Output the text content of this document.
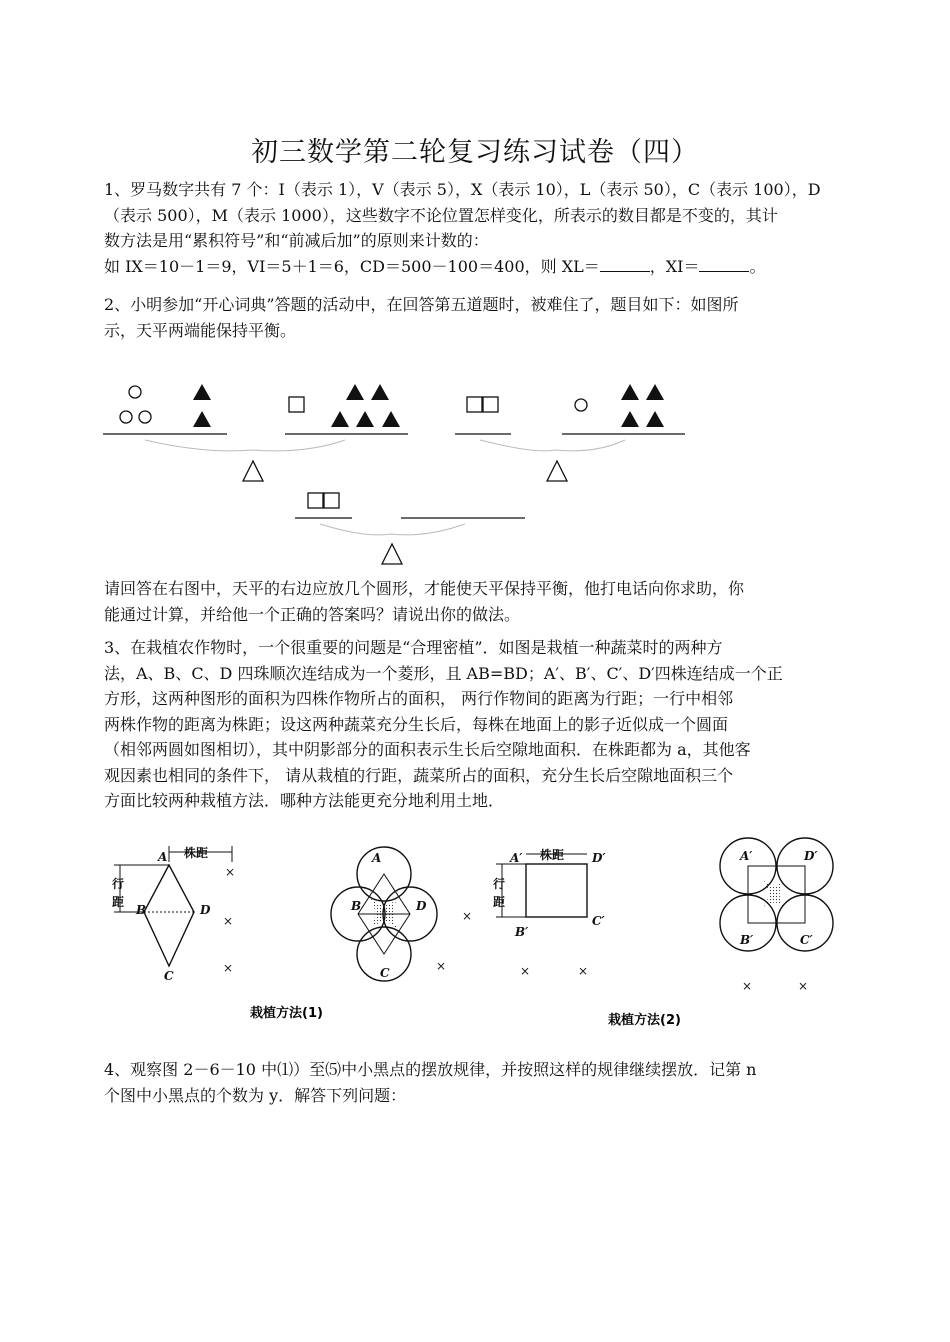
初三数学第二轮复习练习试卷（四）

1、罗马数字共有 7 个：I（表示 1），V（表示 5），X（表示 10），L（表示 50），C（表示 100），D
（表示 500），M（表示 1000），这些数字不论位置怎样变化，所表示的数目都是不变的，其计
数方法是用“累积符号”和“前减后加”的原则来计数的：
如 IX＝10－1＝9，VI＝5＋1＝6，CD＝500－100＝400，则 XL＝	，XI＝	。

2、小明参加“开心词典”答题的活动中，在回答第五道题时，被难住了，题目如下：如图所
示，天平两端能保持平衡。

请回答在右图中，天平的右边应放几个圆形，才能使天平保持平衡，他打电话向你求助，你
能通过计算，并给他一个正确的答案吗？请说出你的做法。

3、在栽植农作物时，一个很重要的问题是“合理密植”．如图是栽植一种蔬菜时的两种方
法，A、B、C、D 四珠顺次连结成为一个菱形，且 AB=BD；A′、B′、C′、D′四株连结成一个正
方形，这两种图形的面积为四株作物所占的面积， 两行作物间的距离为行距；一行中相邻
两株作物的距离为株距；设这两种蔬菜充分生长后，每株在地面上的影子近似成一个圆面
（相邻两圆如图相切），其中阴影部分的面积表示生长后空隙地面积．在株距都为 a，其他客
观因素也相同的条件下， 请从栽植的行距，蔬菜所占的面积，充分生长后空隙地面积三个
方面比较两种栽植方法．哪种方法能更充分地利用土地．

株距
行
距
A
B
C
D
×
×
×
A
B	D
C
×
×
株距
行
距
A′	D′
B′
C′
×	×
A′	D′
B′	C′
×	×
栽植方法(1)	栽植方法(2)

4、观察图 2－6－10 中⑴）至⑸中小黑点的摆放规律，并按照这样的规律继续摆放．记第 n
个图中小黑点的个数为 y．解答下列问题：
